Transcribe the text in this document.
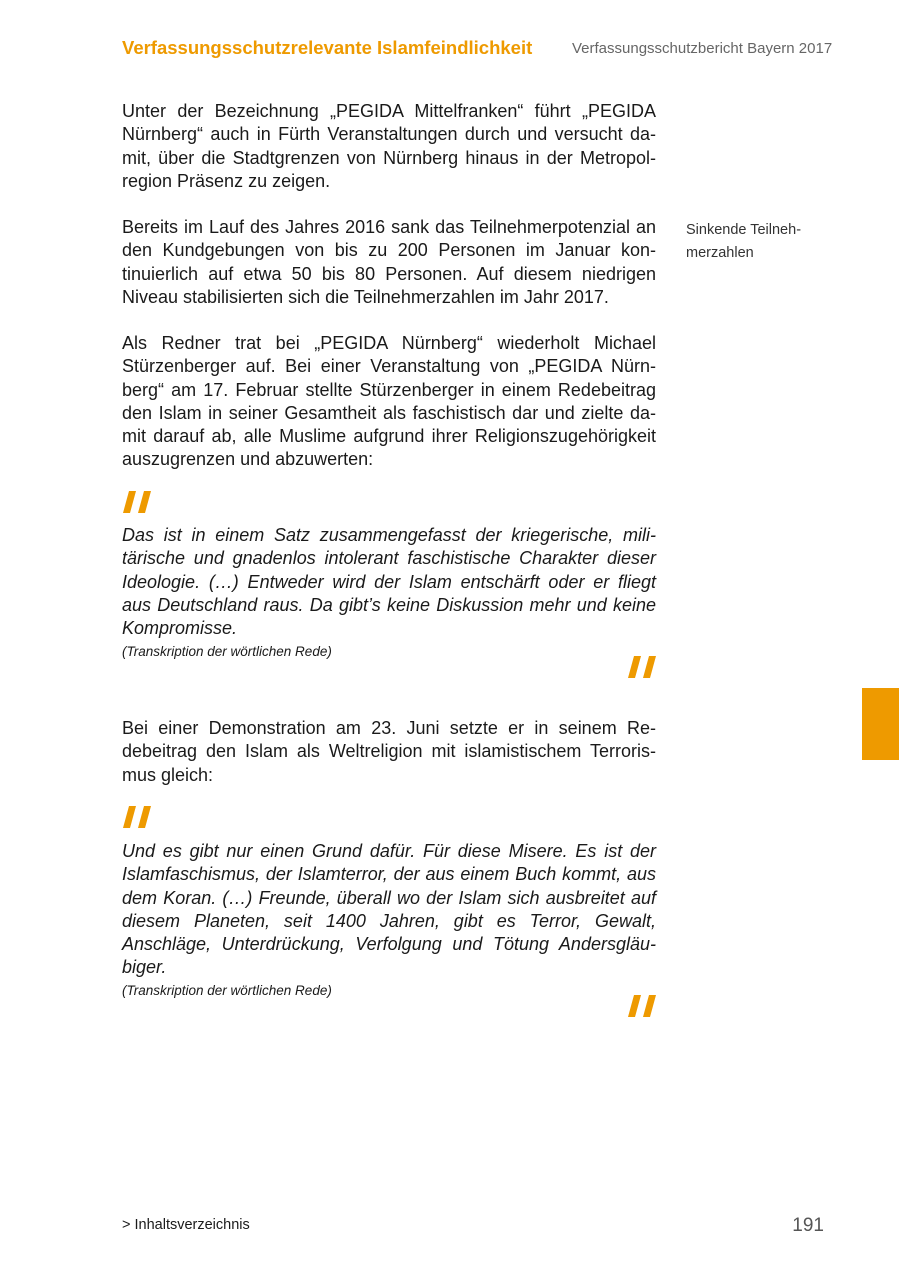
Verfassungsschutzrelevante Islamfeindlichkeit	Verfassungsschutzbericht Bayern 2017

Unter der Bezeichnung „PEGIDA Mittelfranken“ führt „PEGIDA Nürnberg“ auch in Fürth Veranstaltungen durch und versucht damit, über die Stadtgrenzen von Nürnberg hinaus in der Metropolregion Präsenz zu zeigen.

Bereits im Lauf des Jahres 2016 sank das Teilnehmerpotenzial an den Kundgebungen von bis zu 200 Personen im Januar kontinuierlich auf etwa 50 bis 80 Personen. Auf diesem niedrigen Niveau stabilisierten sich die Teilnehmerzahlen im Jahr 2017.

Sinkende Teilnehmerzahlen

Als Redner trat bei „PEGIDA Nürnberg“ wiederholt Michael Stürzenberger auf. Bei einer Veranstaltung von „PEGIDA Nürnberg“ am 17. Februar stellte Stürzenberger in einem Redebeitrag den Islam in seiner Gesamtheit als faschistisch dar und zielte damit darauf ab, alle Muslime aufgrund ihrer Religionszugehörigkeit auszugrenzen und abzuwerten:

Das ist in einem Satz zusammengefasst der kriegerische, militärische und gnadenlos intolerant faschistische Charakter dieser Ideologie. (…) Entweder wird der Islam entschärft oder er fliegt aus Deutschland raus. Da gibt’s keine Diskussion mehr und keine Kompromisse.

(Transkription der wörtlichen Rede)

Bei einer Demonstration am 23. Juni setzte er in seinem Redebeitrag den Islam als Weltreligion mit islamistischem Terrorismus gleich:

Und es gibt nur einen Grund dafür. Für diese Misere. Es ist der Islamfaschismus, der Islamterror, der aus einem Buch kommt, aus dem Koran. (…) Freunde, überall wo der Islam sich ausbreitet auf diesem Planeten, seit 1400 Jahren, gibt es Terror, Gewalt, Anschläge, Unterdrückung, Verfolgung und Tötung Andersgläubiger.

(Transkription der wörtlichen Rede)
> Inhaltsverzeichnis	191
